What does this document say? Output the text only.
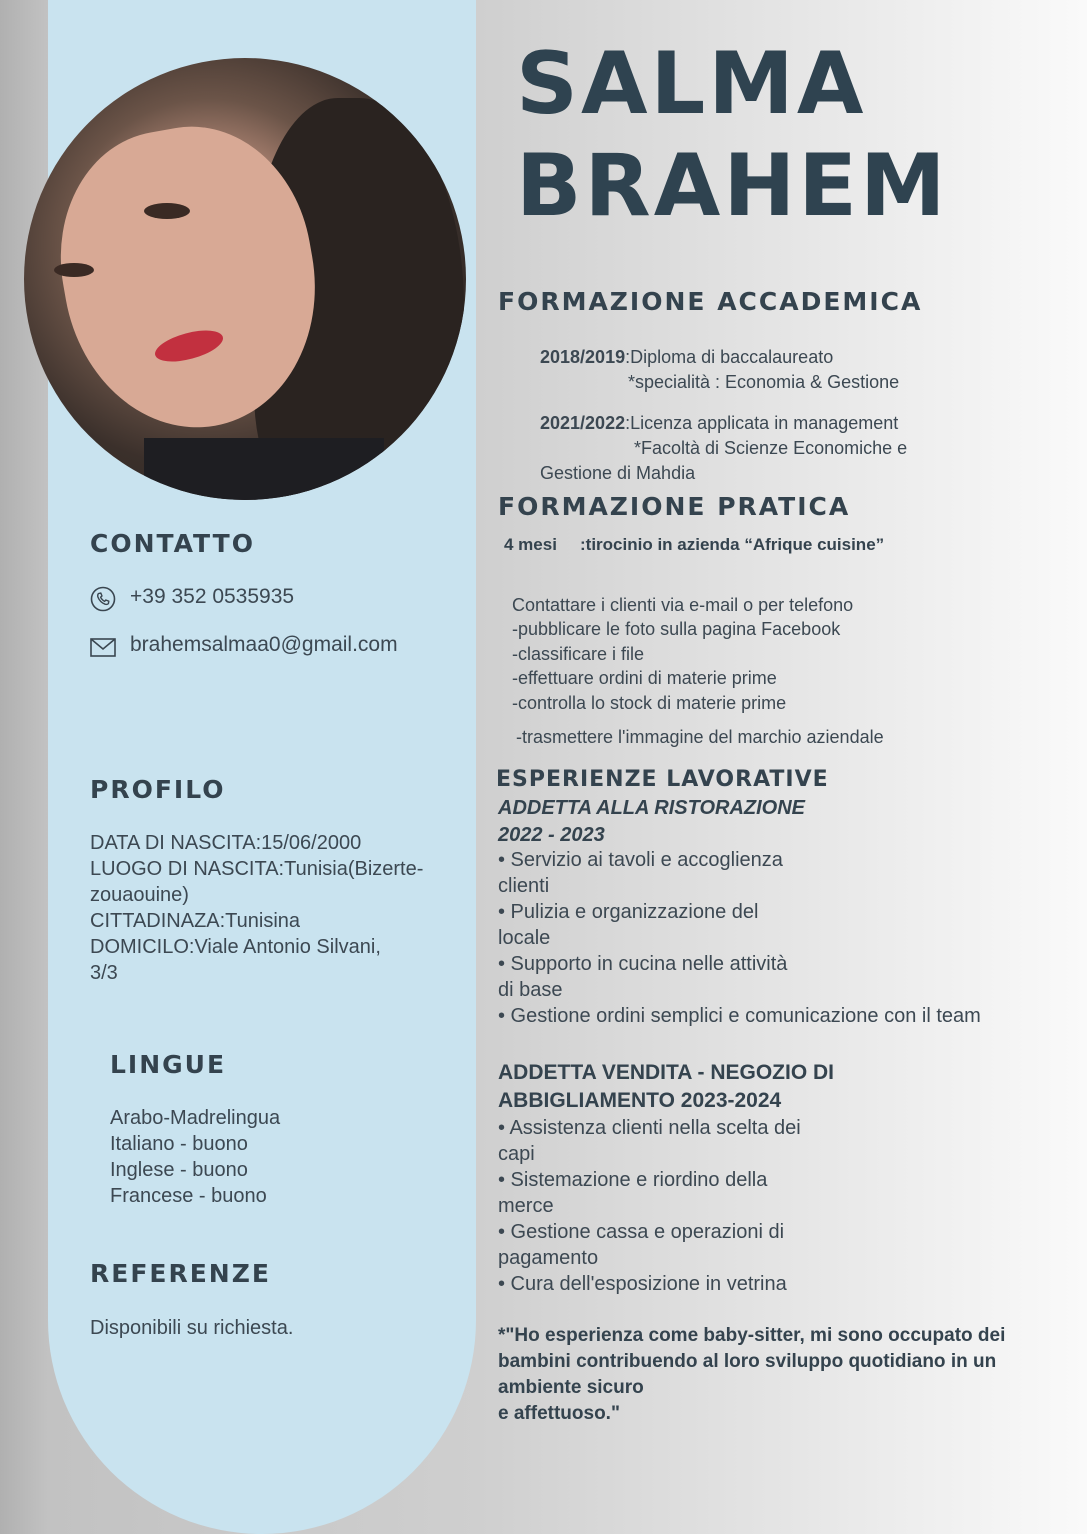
SALMA
BRAHEM
CONTATTO
+39 352 0535935
brahemsalmaa0@gmail.com
PROFILO
DATA DI NASCITA:15/06/2000
LUOGO DI NASCITA:Tunisia(Bizerte-
zouaouine)
CITTADINAZA:Tunisina
DOMICILO:Viale Antonio Silvani,
3/3
LINGUE
Arabo-Madrelingua
Italiano - buono
Inglese - buono
Francese - buono
REFERENZE
Disponibili su richiesta.
FORMAZIONE ACCADEMICA
2018/2019:Diploma di baccalaureato
*specialità : Economia & Gestione
2021/2022:Licenza applicata in management
*Facoltà di Scienze Economiche e
Gestione di Mahdia
FORMAZIONE PRATICA
4 mesi :tirocinio in azienda “Afrique cuisine”
Contattare i clienti via e-mail o per telefono
-pubblicare le foto sulla pagina Facebook
-classificare i file
-effettuare ordini di materie prime
-controlla lo stock di materie prime
-trasmettere l'immagine del marchio aziendale
ESPERIENZE LAVORATIVE
ADDETTA ALLA RISTORAZIONE
2022 - 2023
• Servizio ai tavoli e accoglienza
clienti
• Pulizia e organizzazione del
locale
• Supporto in cucina nelle attività
di base
• Gestione ordini semplici e comunicazione con il team
ADDETTA VENDITA - NEGOZIO DI
ABBIGLIAMENTO 2023-2024
• Assistenza clienti nella scelta dei
capi
• Sistemazione e riordino della
merce
• Gestione cassa e operazioni di
pagamento
• Cura dell'esposizione in vetrina
*"Ho esperienza come baby-sitter, mi sono occupato dei
bambini contribuendo al loro sviluppo quotidiano in un
ambiente sicuro
e affettuoso."
